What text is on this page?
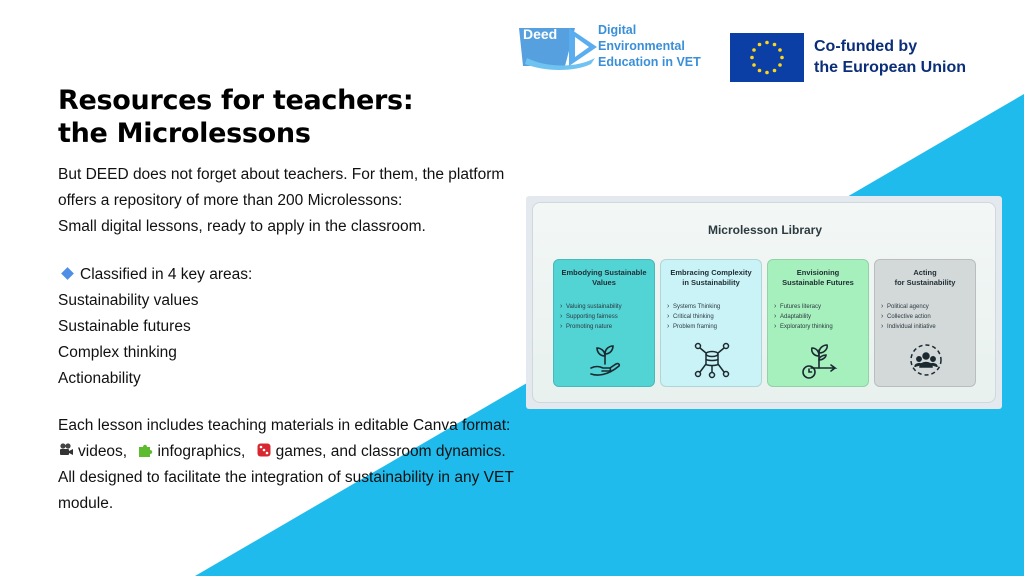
Deed	Digital
Environmental
Education in VET
Co-funded by
the European Union
Resources for teachers:
the Microlessons
But DEED does not forget about teachers. For them, the platform
offers a repository of more than 200 Microlessons:
Small digital lessons, ready to apply in the classroom.
Classified in 4 key areas:
Sustainability values
Sustainable futures
Complex thinking
Actionability
Each lesson includes teaching materials in editable Canva format:
videos, infographics, games, and classroom dynamics.
All designed to facilitate the integration of sustainability in any VET
module.
Microlesson Library
Embodying Sustainable
Values
› Valuing sustainability
› Supporting fairness
› Promoting nature
Embracing Complexity
in Sustainability
› Systems Thinking
› Critical thinking
› Problem framing
Envisioning
Sustainable Futures
› Futures literacy
› Adaptability
› Exploratory thinking
Acting
for Sustainability
› Political agency
› Collective action
› Individual initiative
